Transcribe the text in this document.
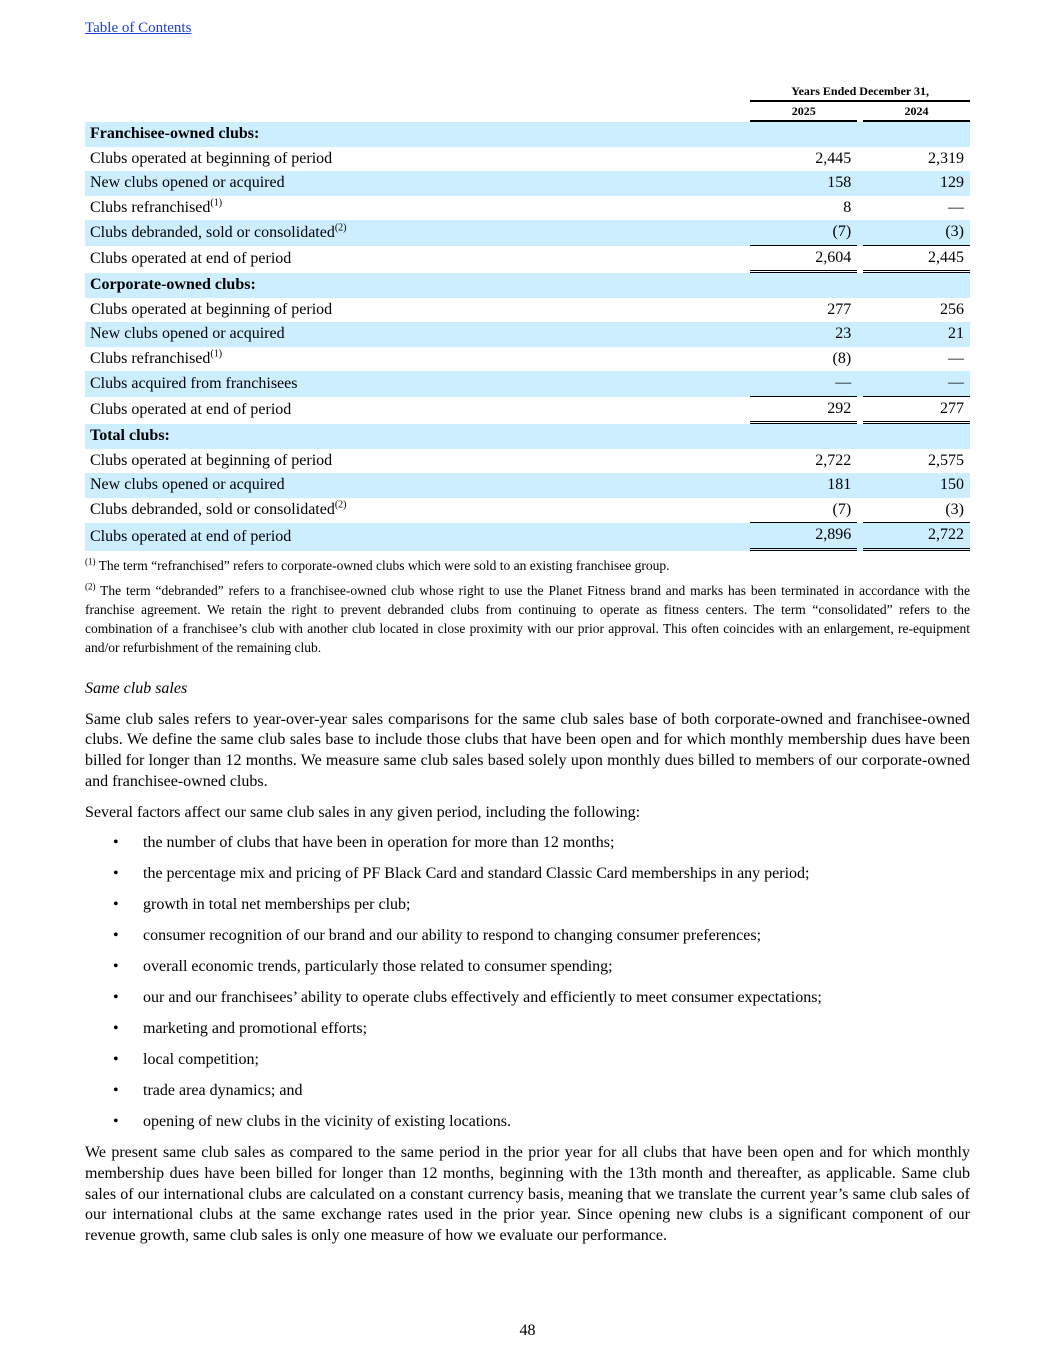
Table of Contents
		Years Ended December 31,		
		2025		2024
Franchisee-owned clubs:				
Clubs operated at beginning of period		2,445		2,319
New clubs opened or acquired		158		129
Clubs refranchised$^{(1)}$		8		—
Clubs debranded, sold or consolidated$^{(2)}$		(7)		(3)
Clubs operated at end of period		2,604		2,445
Corporate-owned clubs:				
Clubs operated at beginning of period		277		256
New clubs opened or acquired		23		21
Clubs refranchised$^{(1)}$		(8)		—
Clubs acquired from franchisees		—		—
Clubs operated at end of period		292		277
Total clubs:				
Clubs operated at beginning of period		2,722		2,575
New clubs opened or acquired		181		150
Clubs debranded, sold or consolidated$^{(2)}$		(7)		(3)
Clubs operated at end of period		2,896		2,722

$^{(1)}$ The term “refranchised” refers to corporate-owned clubs which were sold to an existing franchisee group.

$^{(2)}$ The term “debranded” refers to a franchisee-owned club whose right to use the Planet Fitness brand and marks has been terminated in accordance with the franchise agreement. We retain the right to prevent debranded clubs from continuing to operate as fitness centers. The term “consolidated” refers to the combination of a franchisee’s club with another club located in close proximity with our prior approval. This often coincides with an enlargement, re-equipment and/or refurbishment of the remaining club.

Same club sales

Same club sales refers to year-over-year sales comparisons for the same club sales base of both corporate-owned and franchisee-owned clubs. We define the same club sales base to include those clubs that have been open and for which monthly membership dues have been billed for longer than 12 months. We measure same club sales based solely upon monthly dues billed to members of our corporate-owned and franchisee-owned clubs.

Several factors affect our same club sales in any given period, including the following:

• the number of clubs that have been in operation for more than 12 months;
• the percentage mix and pricing of PF Black Card and standard Classic Card memberships in any period;
• growth in total net memberships per club;
• consumer recognition of our brand and our ability to respond to changing consumer preferences;
• overall economic trends, particularly those related to consumer spending;
• our and our franchisees’ ability to operate clubs effectively and efficiently to meet consumer expectations;
• marketing and promotional efforts;
• local competition;
• trade area dynamics; and
• opening of new clubs in the vicinity of existing locations.

We present same club sales as compared to the same period in the prior year for all clubs that have been open and for which monthly membership dues have been billed for longer than 12 months, beginning with the 13th month and thereafter, as applicable. Same club sales of our international clubs are calculated on a constant currency basis, meaning that we translate the current year’s same club sales of our international clubs at the same exchange rates used in the prior year. Since opening new clubs is a significant component of our revenue growth, same club sales is only one measure of how we evaluate our performance.

48
